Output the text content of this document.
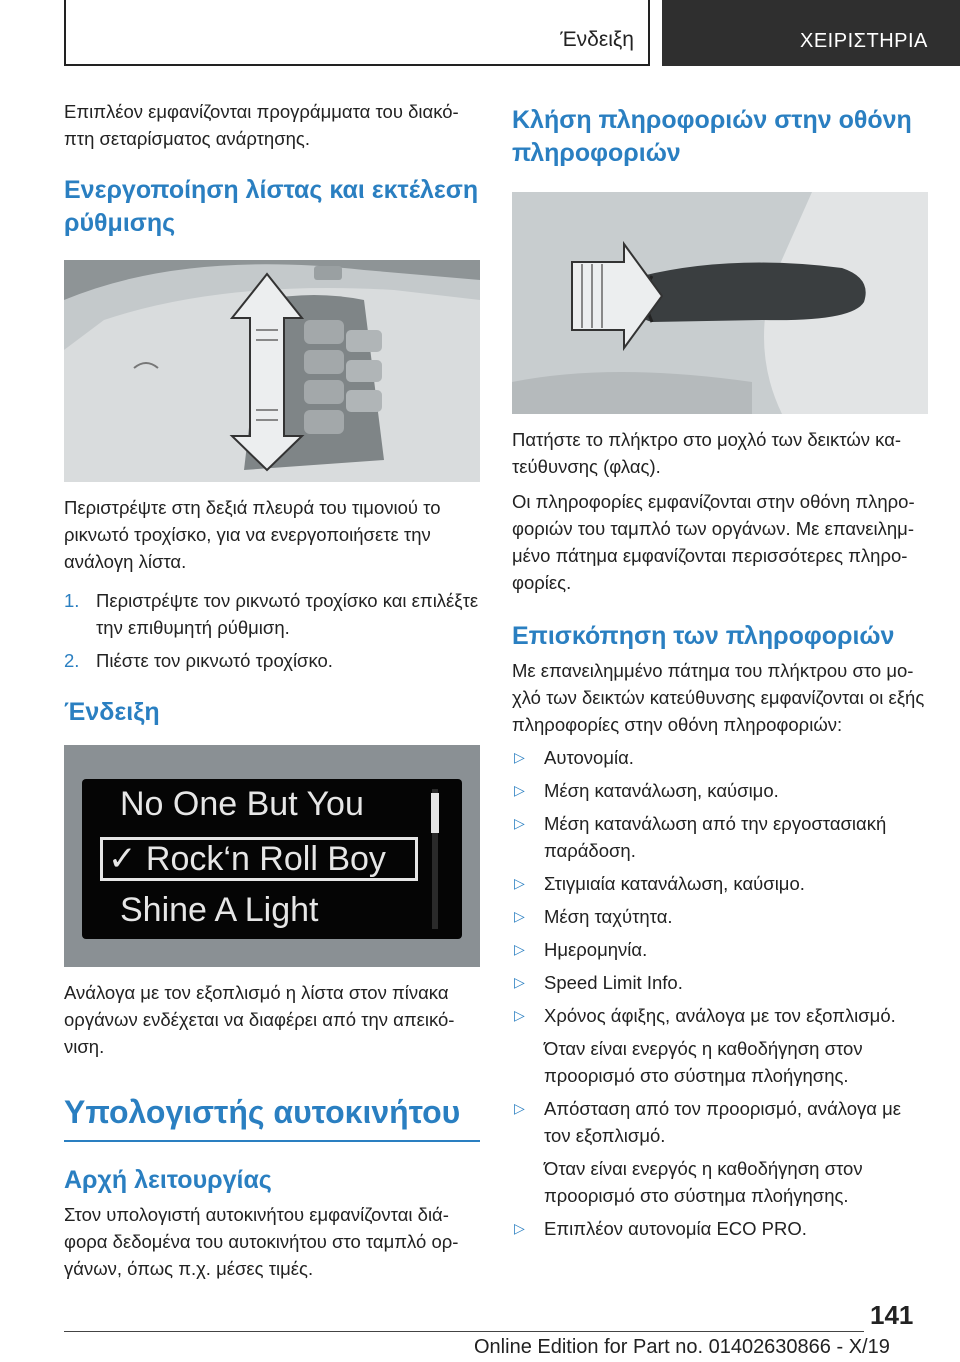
Ένδειξη	ΧΕΙΡΙΣΤΗΡΙΑ

Επιπλέον εμφανίζονται προγράμματα του διακόπτη σεταρίσματος ανάρτησης.

Ενεργοποίηση λίστας και εκτέλεση ρύθμισης

Περιστρέψτε στη δεξιά πλευρά του τιμονιού το ρικνωτό τροχίσκο, για να ενεργοποιήσετε την ανάλογη λίστα.

1. Περιστρέψτε τον ρικνωτό τροχίσκο και επιλέξτε την επιθυμητή ρύθμιση.
2. Πιέστε τον ρικνωτό τροχίσκο.
Ένδειξη
No One But You
✓ Rock‘n Roll Boy
Shine A Light

Ανάλογα με τον εξοπλισμό η λίστα στον πίνακα οργάνων ενδέχεται να διαφέρει από την απεικόνιση.

Υπολογιστής αυτοκινήτου
Αρχή λειτουργίας

Στον υπολογιστή αυτοκινήτου εμφανίζονται διάφορα δεδομένα του αυτοκινήτου στο ταμπλό οργάνων, όπως π.χ. μέσες τιμές.

Κλήση πληροφοριών στην οθόνη πληροφοριών

Πατήστε το πλήκτρο στο μοχλό των δεικτών κατεύθυνσης (φλας).

Οι πληροφορίες εμφανίζονται στην οθόνη πληροφοριών του ταμπλό των οργάνων. Με επανειλημμένο πάτημα εμφανίζονται περισσότερες πληροφορίες.

Επισκόπηση των πληροφοριών

Με επανειλημμένο πάτημα του πλήκτρου στο μοχλό των δεικτών κατεύθυνσης εμφανίζονται οι εξής πληροφορίες στην οθόνη πληροφοριών:

▷	Αυτονομία.
▷	Μέση κατανάλωση, καύσιμο.
▷	Μέση κατανάλωση από την εργοστασιακή παράδοση.
▷	Στιγμιαία κατανάλωση, καύσιμο.
▷	Μέση ταχύτητα.
▷	Ημερομηνία.
▷	Speed Limit Info.
▷	Χρόνος άφιξης, ανάλογα με τον εξοπλισμό.
Όταν είναι ενεργός η καθοδήγηση στον προορισμό στο σύστημα πλοήγησης.
▷	Απόσταση από τον προορισμό, ανάλογα με τον εξοπλισμό.
Όταν είναι ενεργός η καθοδήγηση στον προορισμό στο σύστημα πλοήγησης.
▷	Επιπλέον αυτονομία ECO PRO.
141
Online Edition for Part no. 01402630866 - X/19
